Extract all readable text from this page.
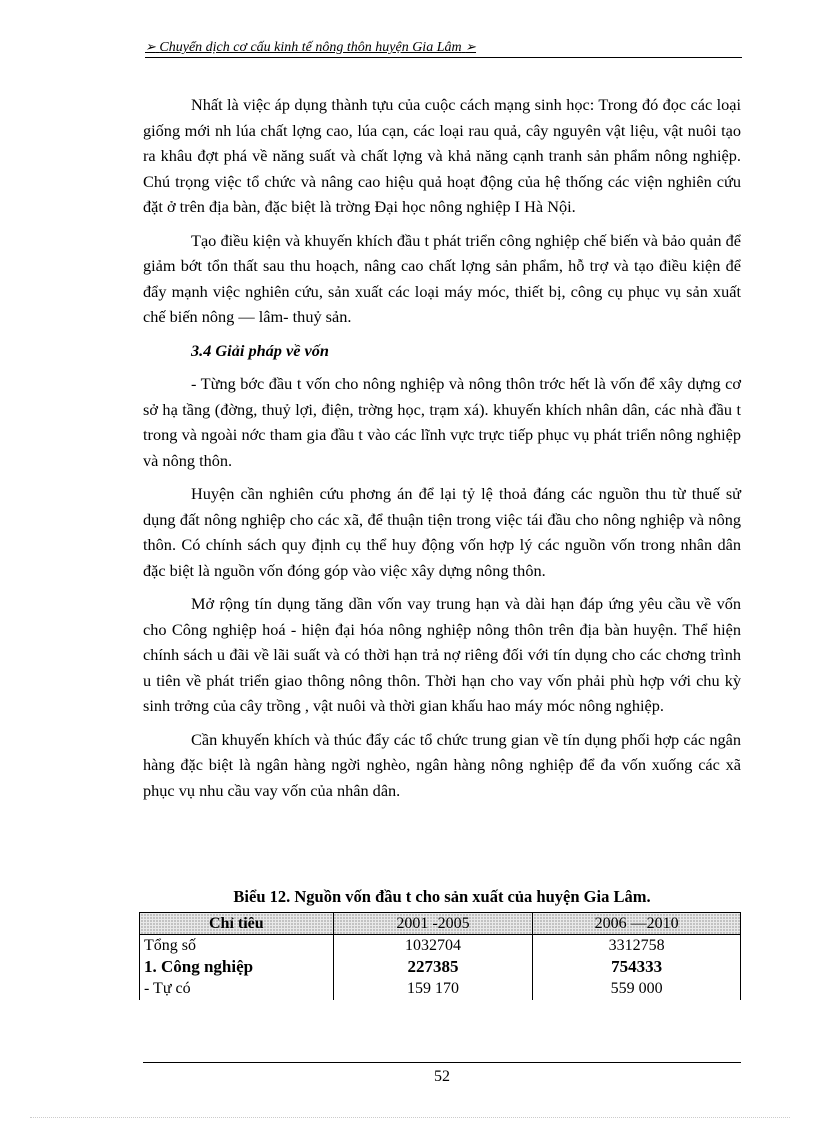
➢ Chuyển dịch cơ cấu kinh tế nông thôn huyện Gia Lâm ➢

Nhất là việc áp dụng thành tựu của cuộc cách mạng sinh học: Trong đó đọc các loại giống mới nh lúa chất lợng cao, lúa cạn, các loại rau quả, cây nguyên vật liệu, vật nuôi tạo ra khâu đợt phá về năng suất và chất lợng và khả năng cạnh tranh sản phẩm nông nghiệp. Chú trọng việc tổ chức và nâng cao hiệu quả hoạt động của hệ thống các viện nghiên cứu đặt ở trên địa bàn, đặc biệt là trờng Đại học nông nghiệp I Hà Nội.

Tạo điều kiện và khuyến khích đầu t phát triển công nghiệp chế biến và bảo quản để giảm bớt tổn thất sau thu hoạch, nâng cao chất lợng sản phẩm, hỗ trợ và tạo điều kiện để đẩy mạnh việc nghiên cứu, sản xuất các loại máy móc, thiết bị, công cụ phục vụ sản xuất chế biến nông — lâm- thuỷ sản.

3.4 Giải pháp về vốn

- Từng bớc đầu t vốn cho nông nghiệp và nông thôn trớc hết là vốn để xây dựng cơ sở hạ tầng (đờng, thuỷ lợi, điện, trờng học, trạm xá). khuyến khích nhân dân, các nhà đầu t trong và ngoài nớc tham gia đầu t vào các lĩnh vực trực tiếp phục vụ phát triển nông nghiệp và nông thôn.

Huyện cần nghiên cứu phơng án để lại tỷ lệ thoả đáng các nguồn thu từ thuế sử dụng đất nông nghiệp cho các xã, để thuận tiện trong việc tái đầu cho nông nghiệp và nông thôn. Có chính sách quy định cụ thể huy động vốn hợp lý các nguồn vốn trong nhân dân đặc biệt là nguồn vốn đóng góp vào việc xây dựng nông thôn.

Mở rộng tín dụng tăng dần vốn vay trung hạn và dài hạn đáp ứng yêu cầu về vốn cho Công nghiệp hoá - hiện đại hóa nông nghiệp nông thôn trên địa bàn huyện. Thể hiện chính sách u đãi về lãi suất và có thời hạn trả nợ riêng đối với tín dụng cho các chơng trình u tiên về phát triển giao thông nông thôn. Thời hạn cho vay vốn phải phù hợp với chu kỳ sinh trởng của cây trồng , vật nuôi và thời gian khấu hao máy móc nông nghiệp.

Cần khuyến khích và thúc đẩy các tổ chức trung gian về tín dụng phối hợp các ngân hàng đặc biệt là ngân hàng ngời nghèo, ngân hàng nông nghiệp để đa vốn xuống các xã phục vụ nhu cầu vay vốn của nhân dân.

Biểu 12. Nguồn vốn đầu t cho sản xuất của huyện Gia Lâm.
Chỉ tiêu	2001 -2005	2006 —2010
Tổng số	1032704	3312758
1. Công nghiệp	227385	754333
- Tự có	159 170	559 000
52
